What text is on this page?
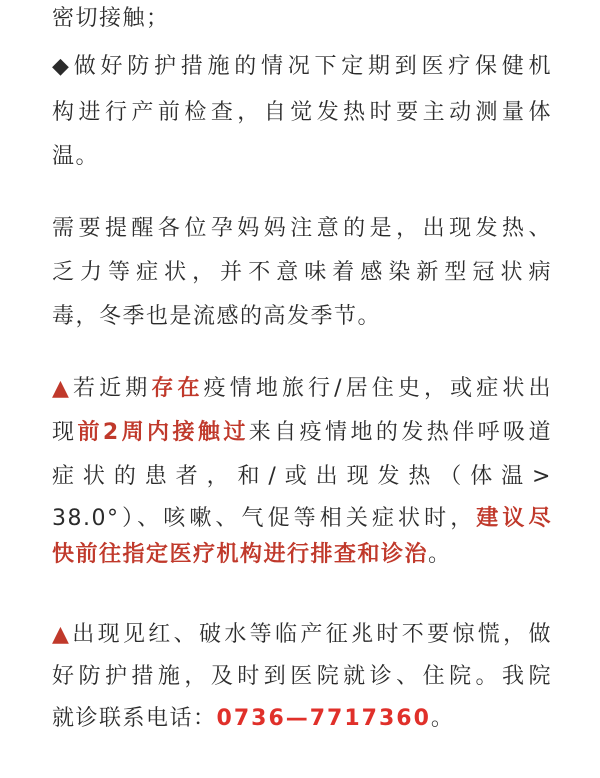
密切接触；
◆做好防护措施的情况下定期到医疗保健机
构进行产前检查，自觉发热时要主动测量体
温。
需要提醒各位孕妈妈注意的是，出现发热、
乏力等症状，并不意味着感染新型冠状病
毒，冬季也是流感的高发季节。
▲若近期存在疫情地旅行/居住史，或症状出
现前2周内接触过来自疫情地的发热伴呼吸道
症状的患者，和/或出现发热（体温>
38.0°）、咳嗽、气促等相关症状时，建议尽
快前往指定医疗机构进行排查和诊治。
▲出现见红、破水等临产征兆时不要惊慌，做
好防护措施，及时到医院就诊、住院。我院
就诊联系电话：0736—7717360。
